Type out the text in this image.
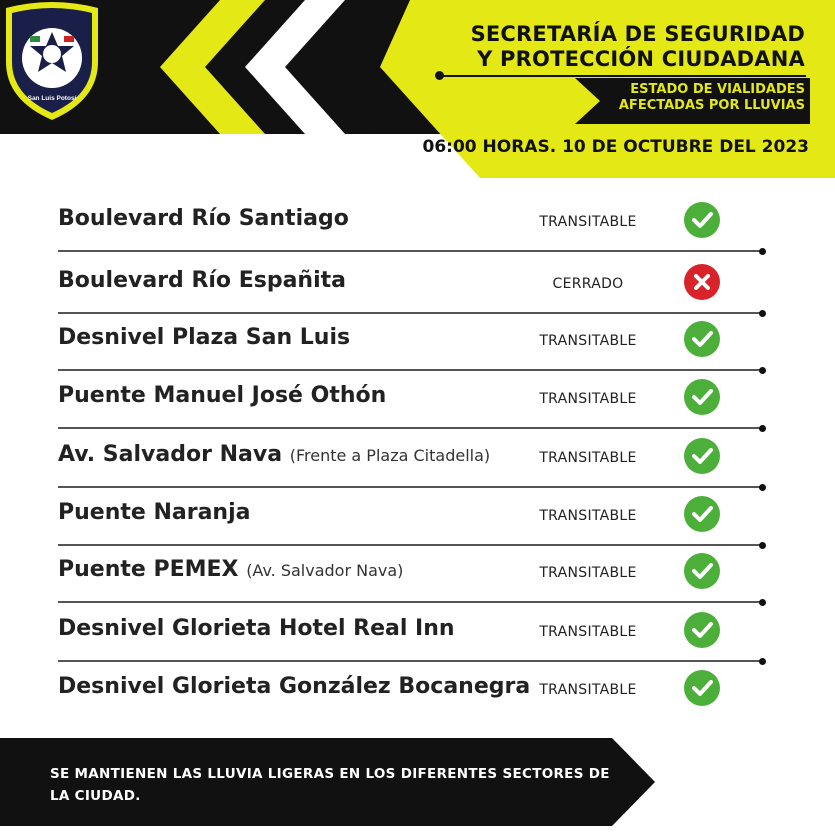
San Luis Potosí
SECRETARÍA DE SEGURIDAD
Y PROTECCIÓN CIUDADANA
ESTADO DE VIALIDADES
AFECTADAS POR LLUVIAS
06:00 HORAS. 10 DE OCTUBRE DEL 2023
Boulevard Río Santiago	TRANSITABLE
Boulevard Río Españita	CERRADO
Desnivel Plaza San Luis	TRANSITABLE
Puente Manuel José Othón	TRANSITABLE
Av. Salvador Nava (Frente a Plaza Citadella)	TRANSITABLE
Puente Naranja	TRANSITABLE
Puente PEMEX (Av. Salvador Nava)	TRANSITABLE
Desnivel Glorieta Hotel Real Inn	TRANSITABLE
Desnivel Glorieta González Bocanegra TRANSITABLE
SE MANTIENEN LAS LLUVIA LIGERAS EN LOS DIFERENTES SECTORES DE LA CIUDAD.
